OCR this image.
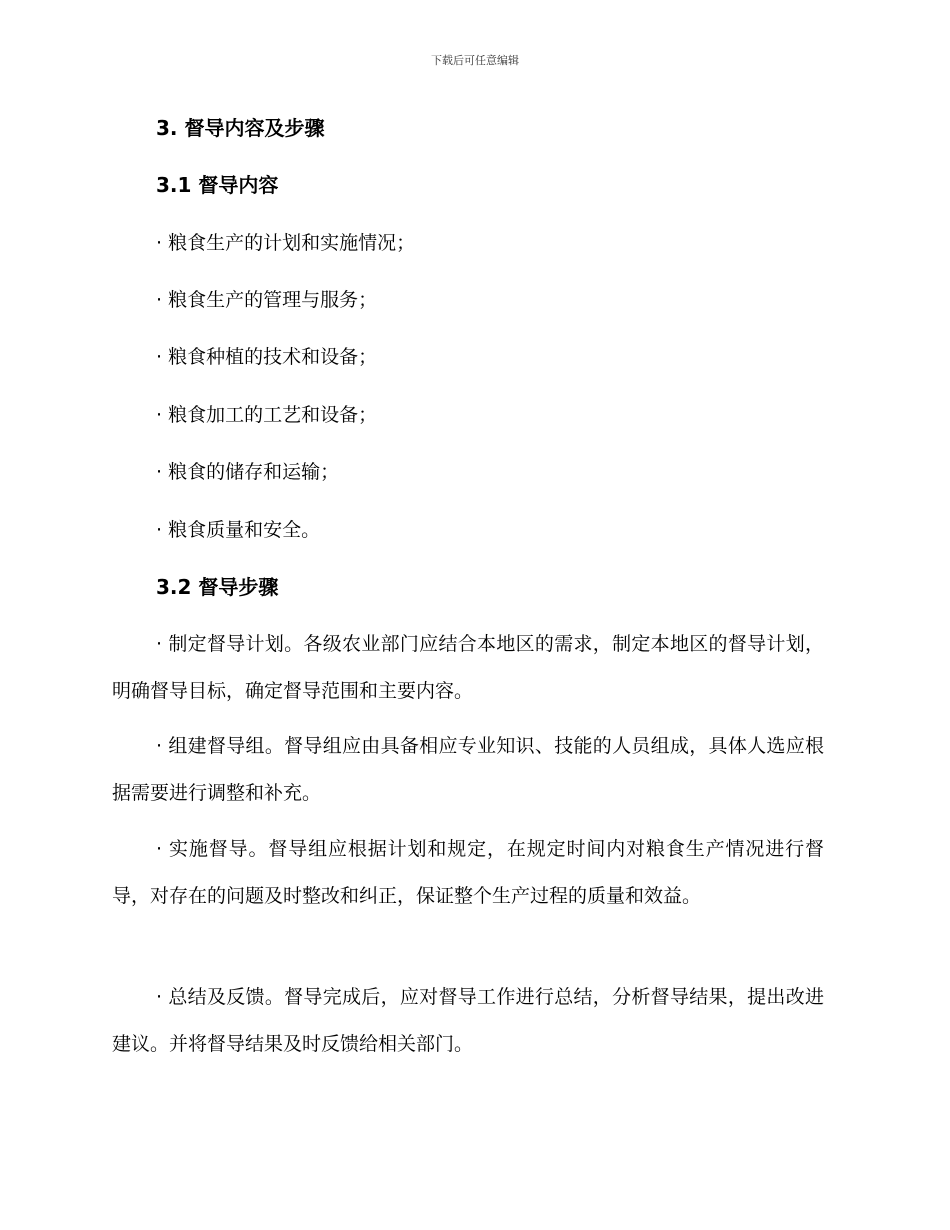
下载后可任意编辑
3. 督导内容及步骤
3.1 督导内容
· 粮食生产的计划和实施情况；
· 粮食生产的管理与服务；
· 粮食种植的技术和设备；
· 粮食加工的工艺和设备；
· 粮食的储存和运输；
· 粮食质量和安全。
3.2 督导步骤
· 制定督导计划。各级农业部门应结合本地区的需求，制定本地区的督导计划，明确督导目标，确定督导范围和主要内容。
· 组建督导组。督导组应由具备相应专业知识、技能的人员组成，具体人选应根据需要进行调整和补充。
· 实施督导。督导组应根据计划和规定，在规定时间内对粮食生产情况进行督导，对存在的问题及时整改和纠正，保证整个生产过程的质量和效益。
· 总结及反馈。督导完成后，应对督导工作进行总结，分析督导结果，提出改进建议。并将督导结果及时反馈给相关部门。
